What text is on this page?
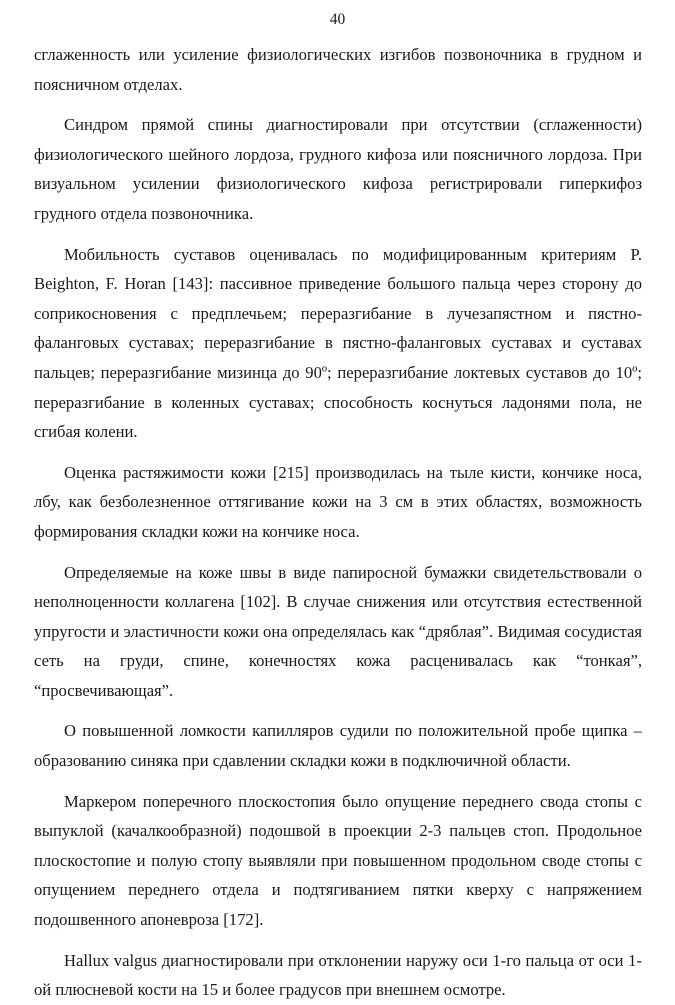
40

сглаженность или усиление физиологических изгибов позвоночника в грудном и поясничном отделах.

Синдром прямой спины диагностировали при отсутствии (сглаженности) физиологического шейного лордоза, грудного кифоза или поясничного лордоза. При визуальном усилении физиологического кифоза регистрировали гиперкифоз грудного отдела позвоночника.

Мобильность суставов оценивалась по модифицированным критериям P. Beighton, F. Horan [143]: пассивное приведение большого пальца через сторону до соприкосновения с предплечьем; переразгибание в лучезапястном и пястно-фаланговых суставах; переразгибание в пястно-фаланговых суставах и суставах пальцев; переразгибание мизинца до 90º; переразгибание локтевых суставов до 10º; переразгибание в коленных суставах; способность коснуться ладонями пола, не сгибая колени.

Оценка растяжимости кожи [215] производилась на тыле кисти, кончике носа, лбу, как безболезненное оттягивание кожи на 3 см в этих областях, возможность формирования складки кожи на кончике носа.

Определяемые на коже швы в виде папиросной бумажки свидетельствовали о неполноценности коллагена [102]. В случае снижения или отсутствия естественной упругости и эластичности кожи она определялась как “дряблая”. Видимая сосудистая сеть на груди, спине, конечностях кожа расценивалась как “тонкая”, “просвечивающая”.

О повышенной ломкости капилляров судили по положительной пробе щипка – образованию синяка при сдавлении складки кожи в подключичной области.

Маркером поперечного плоскостопия было опущение переднего свода стопы с выпуклой (качалкообразной) подошвой в проекции 2-3 пальцев стоп. Продольное плоскостопие и полую стопу выявляли при повышенном продольном своде стопы с опущением переднего отдела и подтягиванием пятки кверху с напряжением подошвенного апоневроза [172].

Hallux valgus диагностировали при отклонении наружу оси 1-го пальца от оси 1-ой плюсневой кости на 15 и более градусов при внешнем осмотре.
